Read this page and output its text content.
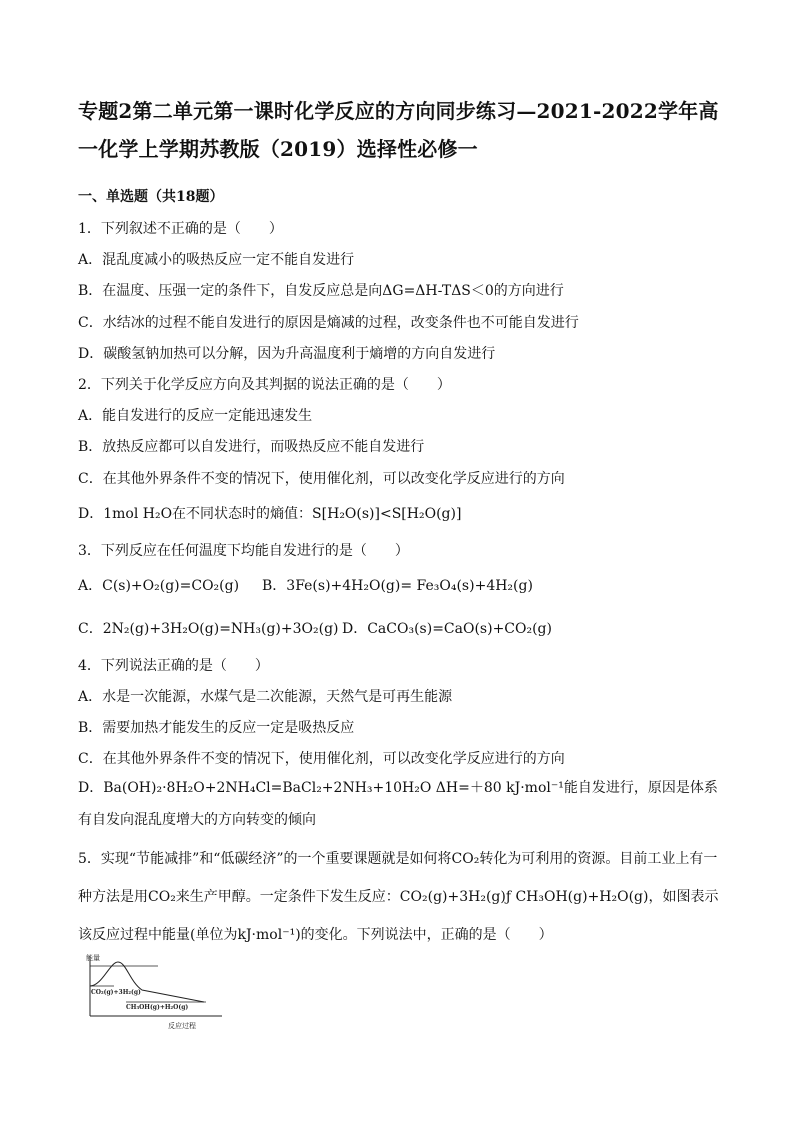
专题2第二单元第一课时化学反应的方向同步练习—2021-2022学年高一化学上学期苏教版（2019）选择性必修一
一、单选题（共18题）
1．下列叙述不正确的是（　　）
A．混乱度减小的吸热反应一定不能自发进行
B．在温度、压强一定的条件下，自发反应总是向ΔG=ΔH-TΔS＜0的方向进行
C．水结冰的过程不能自发进行的原因是熵减的过程，改变条件也不可能自发进行
D．碳酸氢钠加热可以分解，因为升高温度利于熵增的方向自发进行
2．下列关于化学反应方向及其判据的说法正确的是（　　）
A．能自发进行的反应一定能迅速发生
B．放热反应都可以自发进行，而吸热反应不能自发进行
C．在其他外界条件不变的情况下，使用催化剂，可以改变化学反应进行的方向
D．1mol H₂O在不同状态时的熵值：S[H₂O(s)]<S[H₂O(g)]
3．下列反应在任何温度下均能自发进行的是（　　）
A．C(s)+O₂(g)=CO₂(g) B．3Fe(s)+4H₂O(g)= Fe₃O₄(s)+4H₂(g)
C．2N₂(g)+3H₂O(g)=NH₃(g)+3O₂(g) D．CaCO₃(s)=CaO(s)+CO₂(g)
4．下列说法正确的是（　　）
A．水是一次能源，水煤气是二次能源，天然气是可再生能源
B．需要加热才能发生的反应一定是吸热反应
C．在其他外界条件不变的情况下，使用催化剂，可以改变化学反应进行的方向
D．Ba(OH)₂·8H₂O+2NH₄Cl=BaCl₂+2NH₃+10H₂O ΔH=＋80 kJ·mol⁻¹能自发进行，原因是体系有自发向混乱度增大的方向转变的倾向
5．实现“节能减排”和“低碳经济”的一个重要课题就是如何将CO₂转化为可利用的资源。目前工业上有一种方法是用CO₂来生产甲醇。一定条件下发生反应：CO₂(g)+3H₂(g)ƒ CH₃OH(g)+H₂O(g)，如图表示该反应过程中能量(单位为kJ·mol⁻¹)的变化。下列说法中，正确的是（　　）
能量
CO₂(g)+3H₂(g)
CH₃OH(g)+H₂O(g)
反应过程
